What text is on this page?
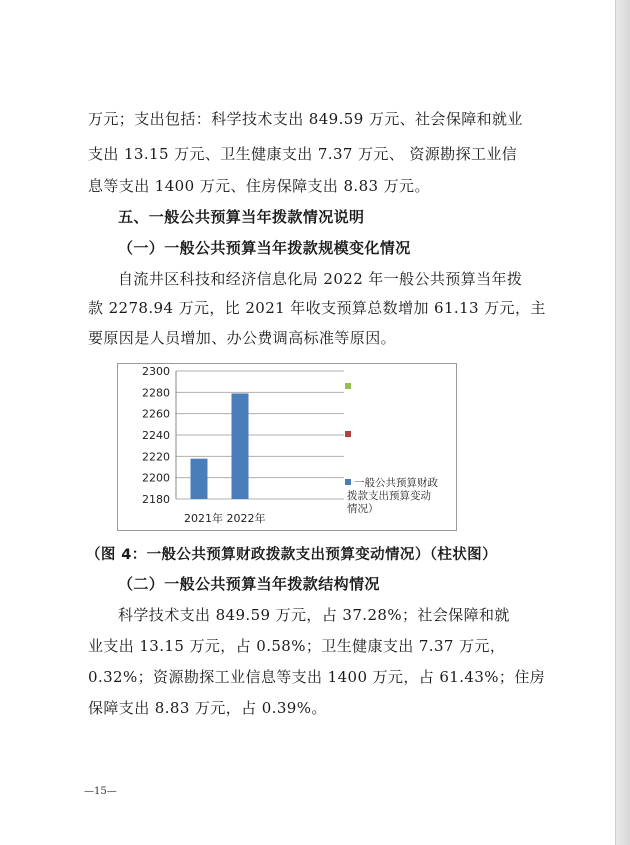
万元；支出包括：科学技术支出 849.59 万元、社会保障和就业
支出 13.15 万元、卫生健康支出 7.37 万元、 资源勘探工业信
息等支出 1400 万元、住房保障支出 8.83 万元。
五、一般公共预算当年拨款情况说明
（一）一般公共预算当年拨款规模变化情况
自流井区科技和经济信息化局 2022 年一般公共预算当年拨
款 2278.94 万元，比 2021 年收支预算总数增加 61.13 万元，主
要原因是人员增加、办公费调高标准等原因。
2180
2200
2220
2240
2260
2280
2300
2021年 2022年
一般公共预算财政
拨款支出预算变动
情况）
（图 4：一般公共预算财政拨款支出预算变动情况）（柱状图）
（二）一般公共预算当年拨款结构情况
科学技术支出 849.59 万元，占 37.28%；社会保障和就
业支出 13.15 万元，占 0.58%；卫生健康支出 7.37 万元，
0.32%；资源勘探工业信息等支出 1400 万元，占 61.43%；住房
保障支出 8.83 万元，占 0.39%。
—15—
